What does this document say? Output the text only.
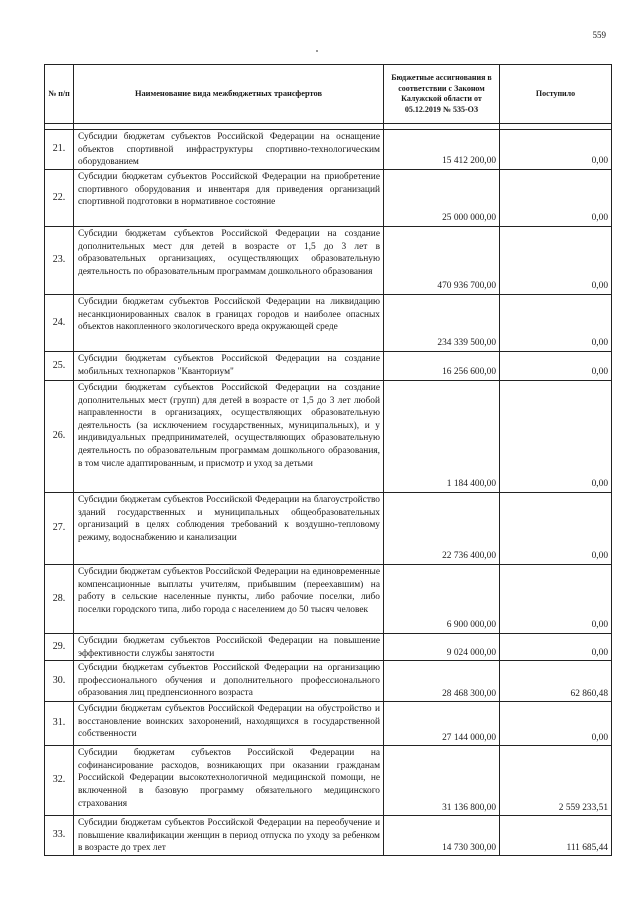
559
№ п/п	Наименование вида межбюджетных трансфертов	Бюджетные ассигнования в соответствии с Законом Калужской области от 05.12.2019 № 535-ОЗ	Поступило

21.	Субсидии бюджетам субъектов Российской Федерации на оснащение объектов спортивной инфраструктуры спортивно-технологическим оборудованием	15 412 200,00	0,00
22.	Субсидии бюджетам субъектов Российской Федерации на приобретение спортивного оборудования и инвентаря для приведения организаций спортивной подготовки в нормативное состояние	25 000 000,00	0,00
23.	Субсидии бюджетам субъектов Российской Федерации на создание дополнительных мест для детей в возрасте от 1,5 до 3 лет в образовательных организациях, осуществляющих образовательную деятельность по образовательным программам дошкольного образования	470 936 700,00	0,00
24.	Субсидии бюджетам субъектов Российской Федерации на ликвидацию несанкционированных свалок в границах городов и наиболее опасных объектов накопленного экологического вреда окружающей среде	234 339 500,00	0,00
25.	Субсидии бюджетам субъектов Российской Федерации на создание мобильных технопарков "Кванториум"	16 256 600,00	0,00
26.	Субсидии бюджетам субъектов Российской Федерации на создание дополнительных мест (групп) для детей в возрасте от 1,5 до 3 лет любой направленности в организациях, осуществляющих образовательную деятельность (за исключением государственных, муниципальных), и у индивидуальных предпринимателей, осуществляющих образовательную деятельность по образовательным программам дошкольного образования, в том числе адаптированным, и присмотр и уход за детьми	1 184 400,00	0,00
27.	Субсидии бюджетам субъектов Российской Федерации на благоустройство зданий государственных и муниципальных общеобразовательных организаций в целях соблюдения требований к воздушно-тепловому режиму, водоснабжению и канализации	22 736 400,00	0,00
28.	Субсидии бюджетам субъектов Российской Федерации на единовременные компенсационные выплаты учителям, прибывшим (переехавшим) на работу в сельские населенные пункты, либо рабочие поселки, либо поселки городского типа, либо города с населением до 50 тысяч человек	6 900 000,00	0,00
29.	Субсидии бюджетам субъектов Российской Федерации на повышение эффективности службы занятости	9 024 000,00	0,00
30.	Субсидии бюджетам субъектов Российской Федерации на организацию профессионального обучения и дополнительного профессионального образования лиц предпенсионного возраста	28 468 300,00	62 860,48
31.	Субсидии бюджетам субъектов Российской Федерации на обустройство и восстановление воинских захоронений, находящихся в государственной собственности	27 144 000,00	0,00
32.	Субсидии бюджетам субъектов Российской Федерации на софинансирование расходов, возникающих при оказании гражданам Российской Федерации высокотехнологичной медицинской помощи, не включенной в базовую программу обязательного медицинского страхования	31 136 800,00	2 559 233,51
33.	Субсидии бюджетам субъектов Российской Федерации на переобучение и повышение квалификации женщин в период отпуска по уходу за ребенком в возрасте до трех лет	14 730 300,00	111 685,44
